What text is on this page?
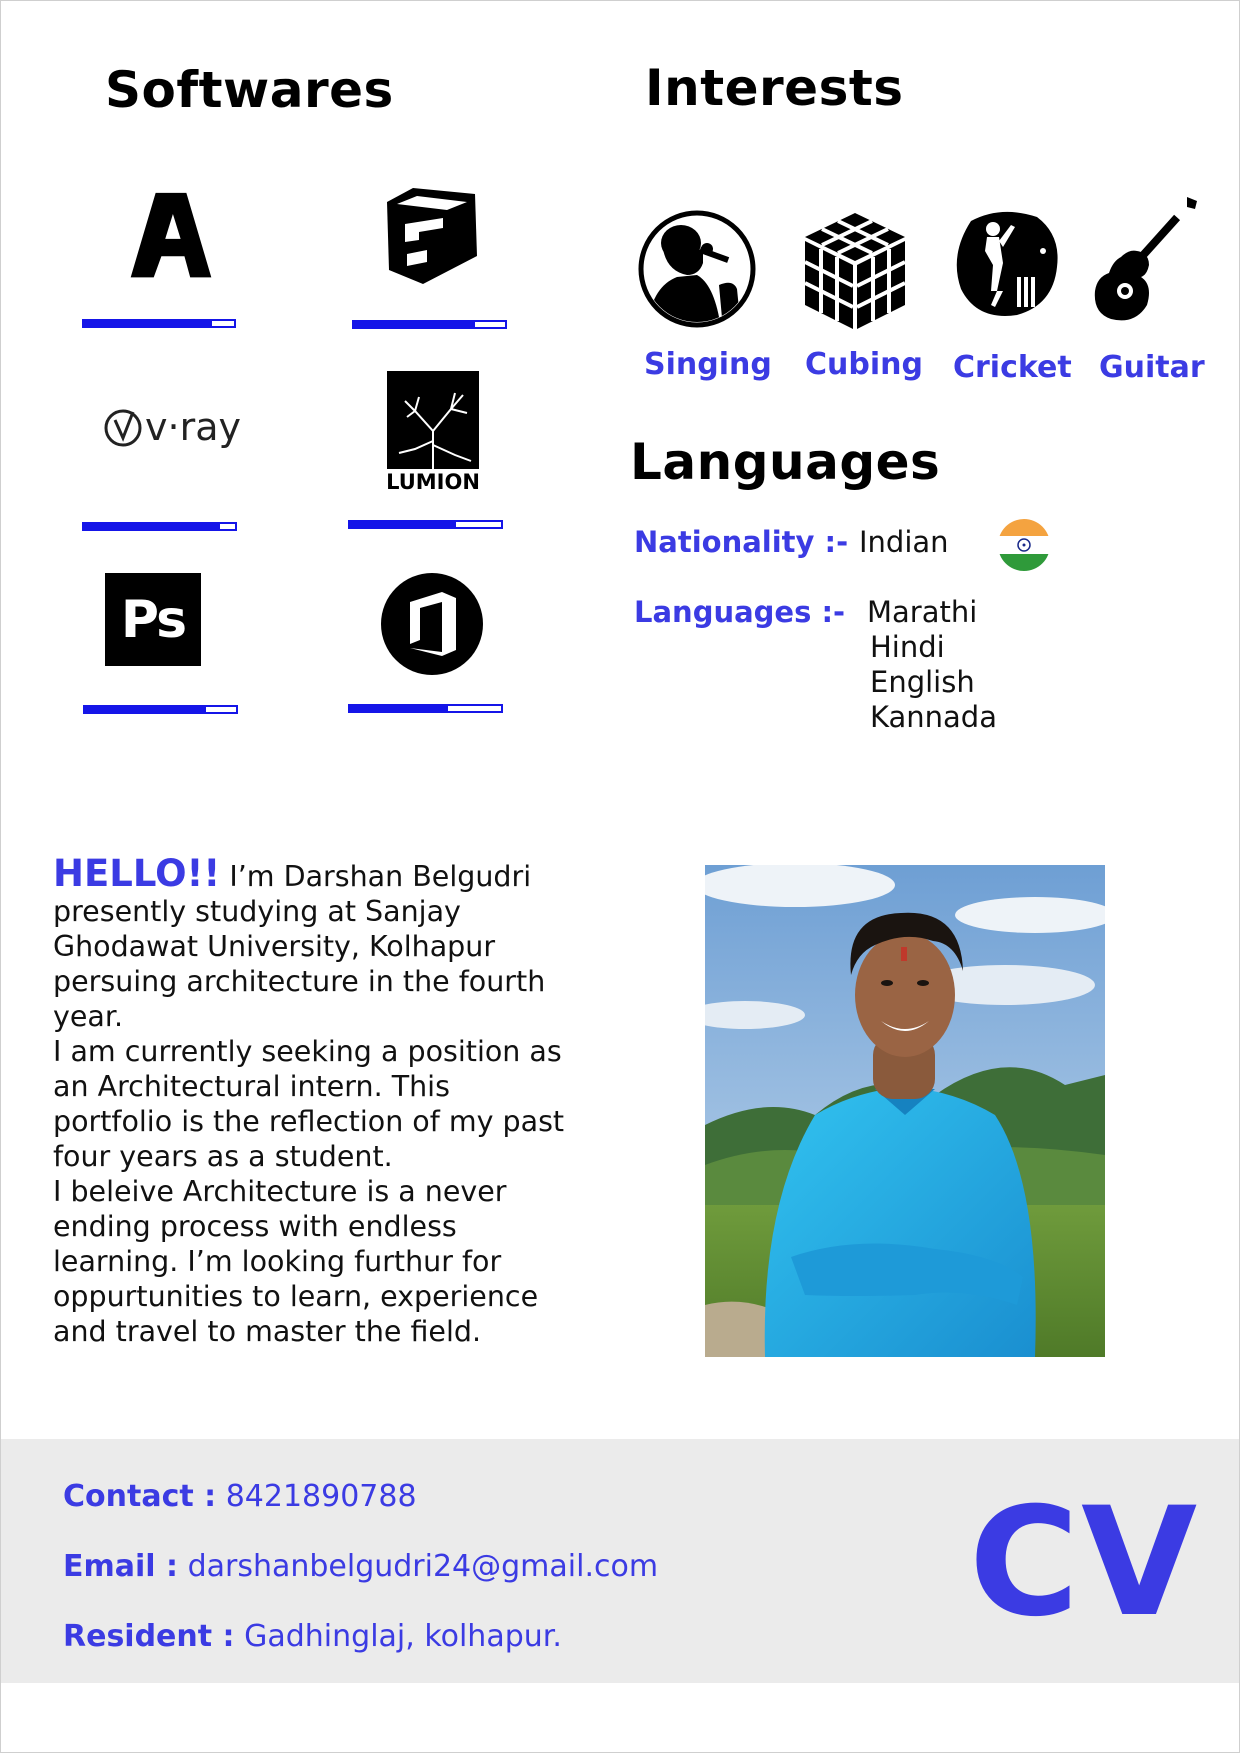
Softwares
v·ray
LUMION
Ps
Interests
Singing Cubing Cricket Guitar
Languages
Nationality :- Indian
Languages :- Marathi
Hindi
English
Kannada
HELLO!! I’m Darshan Belgudri presently studying at Sanjay Ghodawat University, Kolhapur persuing architecture in the fourth year.
I am currently seeking a position as an Architectural intern. This portfolio is the reflection of my past four years as a student.
I beleive Architecture is a never ending process with endless learning. I’m looking furthur for oppurtunities to learn, experience and travel to master the field.
Contact : 8421890788
Email : darshanbelgudri24@gmail.com
Resident : Gadhinglaj, kolhapur.	CV
